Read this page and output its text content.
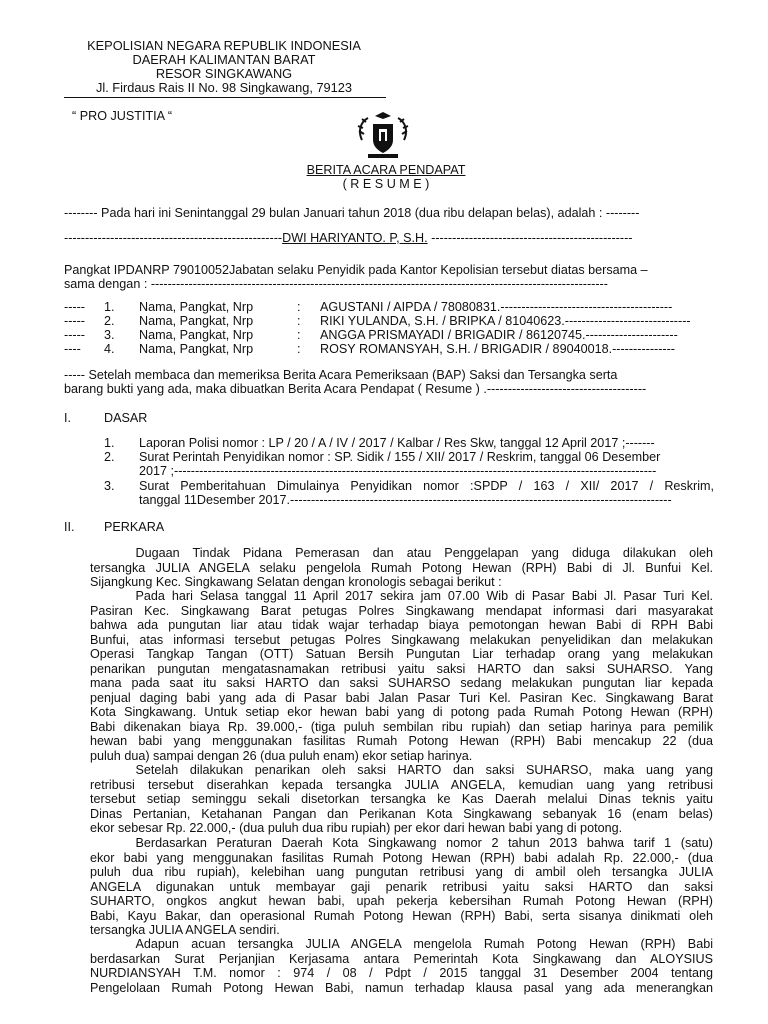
KEPOLISIAN NEGARA REPUBLIK INDONESIA
DAERAH KALIMANTAN BARAT
RESOR SINGKAWANG
Jl. Firdaus Rais II No. 98 Singkawang, 79123
“ PRO JUSTITIA “
BERITA ACARA PENDAPAT
( R E S U M E )
-------- Pada hari ini Senintanggal 29 bulan Januari tahun 2018 (dua ribu delapan belas), adalah : --------
----------------------------------------------------DWI HARIYANTO. P, S.H. ------------------------------------------------
Pangkat IPDANRP 79010052Jabatan selaku Penyidik pada Kantor Kepolisian tersebut diatas bersama –
sama dengan : -------------------------------------------------------------------------------------------------------------
----- 1. Nama, Pangkat, Nrp	: AGUSTANI / AIPDA / 78080831.-----------------------------------------
----- 2. Nama, Pangkat, Nrp	: RIKI YULANDA, S.H. / BRIPKA / 81040623.------------------------------
----- 3. Nama, Pangkat, Nrp	: ANGGA PRISMAYADI / BRIGADIR / 86120745.----------------------
---- 4. Nama, Pangkat, Nrp	: ROSY ROMANSYAH, S.H. / BRIGADIR / 89040018.---------------
----- Setelah membaca dan memeriksa Berita Acara Pemeriksaan (BAP) Saksi dan Tersangka serta
barang bukti yang ada, maka dibuatkan Berita Acara Pendapat ( Resume ) .--------------------------------------
I.	DASAR
1. Laporan Polisi nomor : LP / 20 / A / IV / 2017 / Kalbar / Res Skw, tanggal 12 April 2017 ;-------
2. Surat Perintah Penyidikan nomor : SP. Sidik / 155 / XII/ 2017 / Reskrim, tanggal 06 Desember
2017 ;-------------------------------------------------------------------------------------------------------------------
3. Surat Pemberitahuan Dimulainya Penyidikan nomor :SPDP / 163 / XII/ 2017 / Reskrim,
tanggal 11Desember 2017.-------------------------------------------------------------------------------------------
II. PERKARA
Dugaan Tindak Pidana Pemerasan dan atau Penggelapan yang diduga dilakukan oleh
tersangka JULIA ANGELA selaku pengelola Rumah Potong Hewan (RPH) Babi di Jl. Bunfui Kel.
Sijangkung Kec. Singkawang Selatan dengan kronologis sebagai berikut :
Pada hari Selasa tanggal 11 April 2017 sekira jam 07.00 Wib di Pasar Babi Jl. Pasar Turi Kel.
Pasiran Kec. Singkawang Barat petugas Polres Singkawang mendapat informasi dari masyarakat
bahwa ada pungutan liar atau tidak wajar terhadap biaya pemotongan hewan Babi di RPH Babi
Bunfui, atas informasi tersebut petugas Polres Singkawang melakukan penyelidikan dan melakukan
Operasi Tangkap Tangan (OTT) Satuan Bersih Pungutan Liar terhadap orang yang melakukan
penarikan pungutan mengatasnamakan retribusi yaitu saksi HARTO dan saksi SUHARSO. Yang
mana pada saat itu saksi HARTO dan saksi SUHARSO sedang melakukan pungutan liar kepada
penjual daging babi yang ada di Pasar babi Jalan Pasar Turi Kel. Pasiran Kec. Singkawang Barat
Kota Singkawang. Untuk setiap ekor hewan babi yang di potong pada Rumah Potong Hewan (RPH)
Babi dikenakan biaya Rp. 39.000,- (tiga puluh sembilan ribu rupiah) dan setiap harinya para pemilik
hewan babi yang menggunakan fasilitas Rumah Potong Hewan (RPH) Babi mencakup 22 (dua
puluh dua) sampai dengan 26 (dua puluh enam) ekor setiap harinya.
Setelah dilakukan penarikan oleh saksi HARTO dan saksi SUHARSO, maka uang yang
retribusi tersebut diserahkan kepada tersangka JULIA ANGELA, kemudian uang yang retribusi
tersebut setiap seminggu sekali disetorkan tersangka ke Kas Daerah melalui Dinas teknis yaitu
Dinas Pertanian, Ketahanan Pangan dan Perikanan Kota Singkawang sebanyak 16 (enam belas)
ekor sebesar Rp. 22.000,- (dua puluh dua ribu rupiah) per ekor dari hewan babi yang di potong.
Berdasarkan Peraturan Daerah Kota Singkawang nomor 2 tahun 2013 bahwa tarif 1 (satu)
ekor babi yang menggunakan fasilitas Rumah Potong Hewan (RPH) babi adalah Rp. 22.000,- (dua
puluh dua ribu rupiah), kelebihan uang pungutan retribusi yang di ambil oleh tersangka JULIA
ANGELA digunakan untuk membayar gaji penarik retribusi yaitu saksi HARTO dan saksi
SUHARTO, ongkos angkut hewan babi, upah pekerja kebersihan Rumah Potong Hewan (RPH)
Babi, Kayu Bakar, dan operasional Rumah Potong Hewan (RPH) Babi, serta sisanya dinikmati oleh
tersangka JULIA ANGELA sendiri.
Adapun acuan tersangka JULIA ANGELA mengelola Rumah Potong Hewan (RPH) Babi
berdasarkan Surat Perjanjian Kerjasama antara Pemerintah Kota Singkawang dan ALOYSIUS
NURDIANSYAH T.M. nomor : 974 / 08 / Pdpt / 2015 tanggal 31 Desember 2004 tentang
Pengelolaan Rumah Potong Hewan Babi, namun terhadap klausa pasal yang ada menerangkan
